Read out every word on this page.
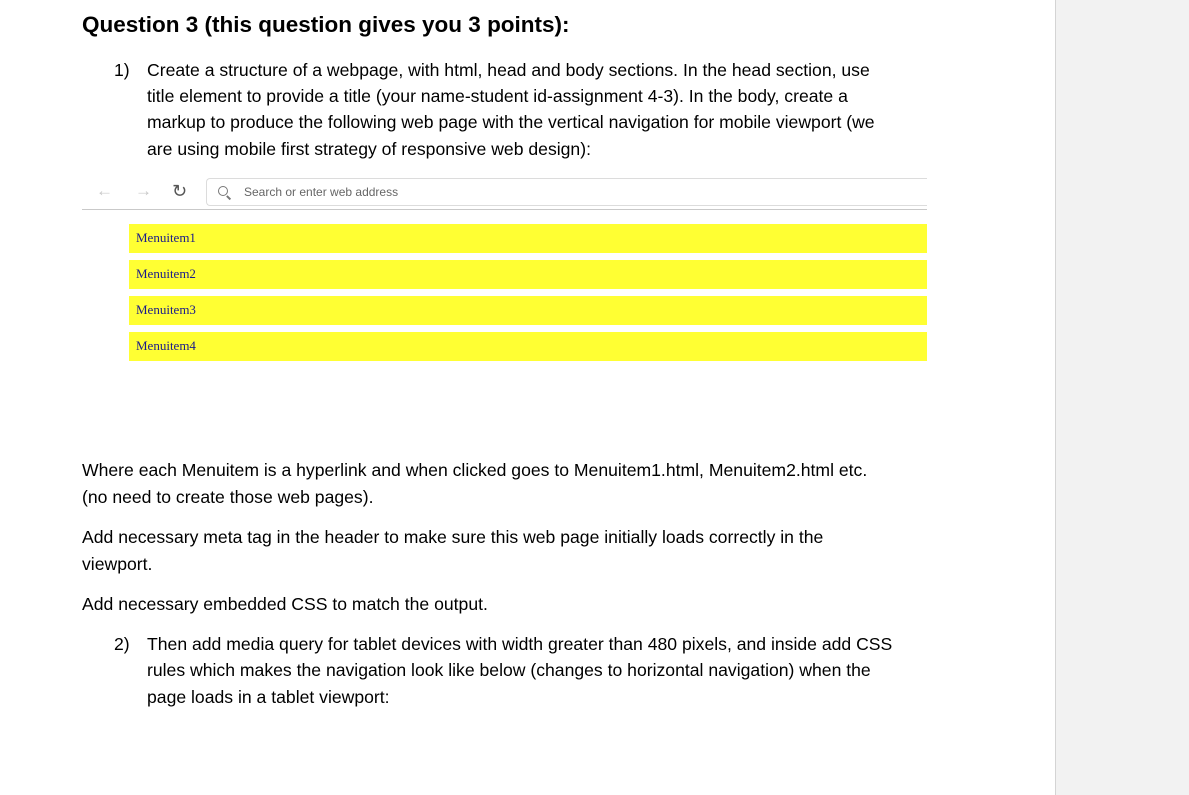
Question 3 (this question gives you 3 points):
1) Create a structure of a webpage, with html, head and body sections. In the head section, use
title element to provide a title (your name-student id-assignment 4-3). In the body, create a
markup to produce the following web page with the vertical navigation for mobile viewport (we
are using mobile first strategy of responsive web design):
← → ↻	Search or enter web address
Menuitem1
Menuitem2
Menuitem3
Menuitem4
Where each Menuitem is a hyperlink and when clicked goes to Menuitem1.html, Menuitem2.html etc.
(no need to create those web pages).
Add necessary meta tag in the header to make sure this web page initially loads correctly in the
viewport.
Add necessary embedded CSS to match the output.
2) Then add media query for tablet devices with width greater than 480 pixels, and inside add CSS
rules which makes the navigation look like below (changes to horizontal navigation) when the
page loads in a tablet viewport:
